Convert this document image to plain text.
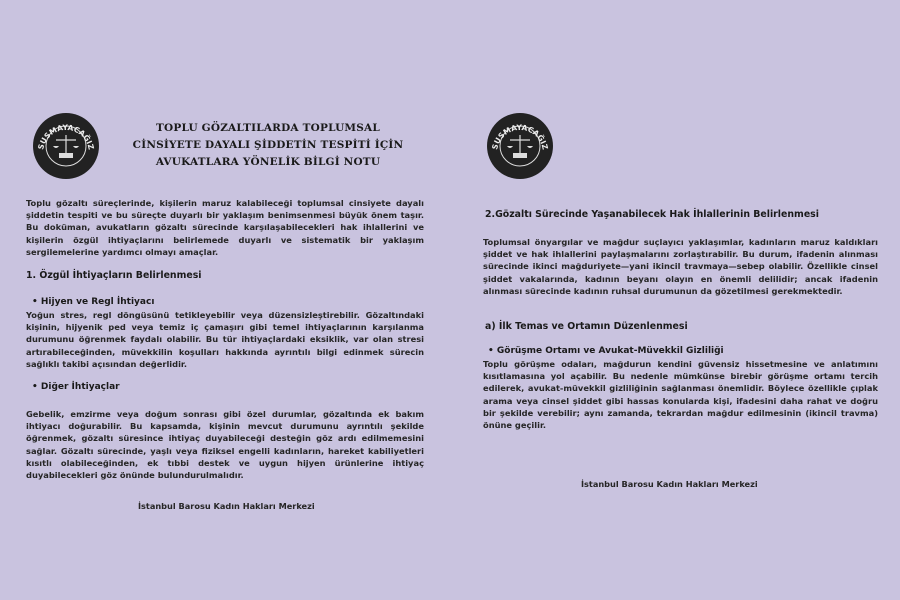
SUSMAYACAĞIZ
TOPLU GÖZALTILARDA TOPLUMSAL
CİNSİYETE DAYALI ŞİDDETİN TESPİTİ İÇİN
AVUKATLARA YÖNELİK BİLGİ NOTU
Toplu gözaltı süreçlerinde, kişilerin maruz kalabileceği toplumsal cinsiyete dayalı şiddetin tespiti ve bu süreçte duyarlı bir yaklaşım benimsenmesi büyük önem taşır. Bu doküman, avukatların gözaltı sürecinde karşılaşabilecekleri hak ihlallerini ve kişilerin özgül ihtiyaçlarını belirlemede duyarlı ve sistematik bir yaklaşım sergilemelerine yardımcı olmayı amaçlar.
1. Özgül İhtiyaçların Belirlenmesi
• Hijyen ve Regl İhtiyacı
Yoğun stres, regl döngüsünü tetikleyebilir veya düzensizleştirebilir. Gözaltındaki kişinin, hijyenik ped veya temiz iç çamaşırı gibi temel ihtiyaçlarının karşılanma durumunu öğrenmek faydalı olabilir. Bu tür ihtiyaçlardaki eksiklik, var olan stresi artırabileceğinden, müvekkilin koşulları hakkında ayrıntılı bilgi edinmek sürecin sağlıklı takibi açısından değerlidir.
• Diğer İhtiyaçlar
Gebelik, emzirme veya doğum sonrası gibi özel durumlar, gözaltında ek bakım ihtiyacı doğurabilir. Bu kapsamda, kişinin mevcut durumunu ayrıntılı şekilde öğrenmek, gözaltı süresince ihtiyaç duyabileceği desteğin göz ardı edilmemesini sağlar. Gözaltı sürecinde, yaşlı veya fiziksel engelli kadınların, hareket kabiliyetleri kısıtlı olabileceğinden, ek tıbbi destek ve uygun hijyen ürünlerine ihtiyaç duyabilecekleri göz önünde bulundurulmalıdır.
İstanbul Barosu Kadın Hakları Merkezi
SUSMAYACAĞIZ
2.Gözaltı Sürecinde Yaşanabilecek Hak İhlallerinin Belirlenmesi
Toplumsal önyargılar ve mağdur suçlayıcı yaklaşımlar, kadınların maruz kaldıkları şiddet ve hak ihlallerini paylaşmalarını zorlaştırabilir. Bu durum, ifadenin alınması sürecinde ikinci mağduriyete—yani ikincil travmaya—sebep olabilir. Özellikle cinsel şiddet vakalarında, kadının beyanı olayın en önemli delilidir; ancak ifadenin alınması sürecinde kadının ruhsal durumunun da gözetilmesi gerekmektedir.
a) İlk Temas ve Ortamın Düzenlenmesi
• Görüşme Ortamı ve Avukat-Müvekkil Gizliliği
Toplu görüşme odaları, mağdurun kendini güvensiz hissetmesine ve anlatımını kısıtlamasına yol açabilir. Bu nedenle mümkünse birebir görüşme ortamı tercih edilerek, avukat-müvekkil gizliliğinin sağlanması önemlidir. Böylece özellikle çıplak arama veya cinsel şiddet gibi hassas konularda kişi, ifadesini daha rahat ve doğru bir şekilde verebilir; aynı zamanda, tekrardan mağdur edilmesinin (ikincil travma) önüne geçilir.
İstanbul Barosu Kadın Hakları Merkezi
